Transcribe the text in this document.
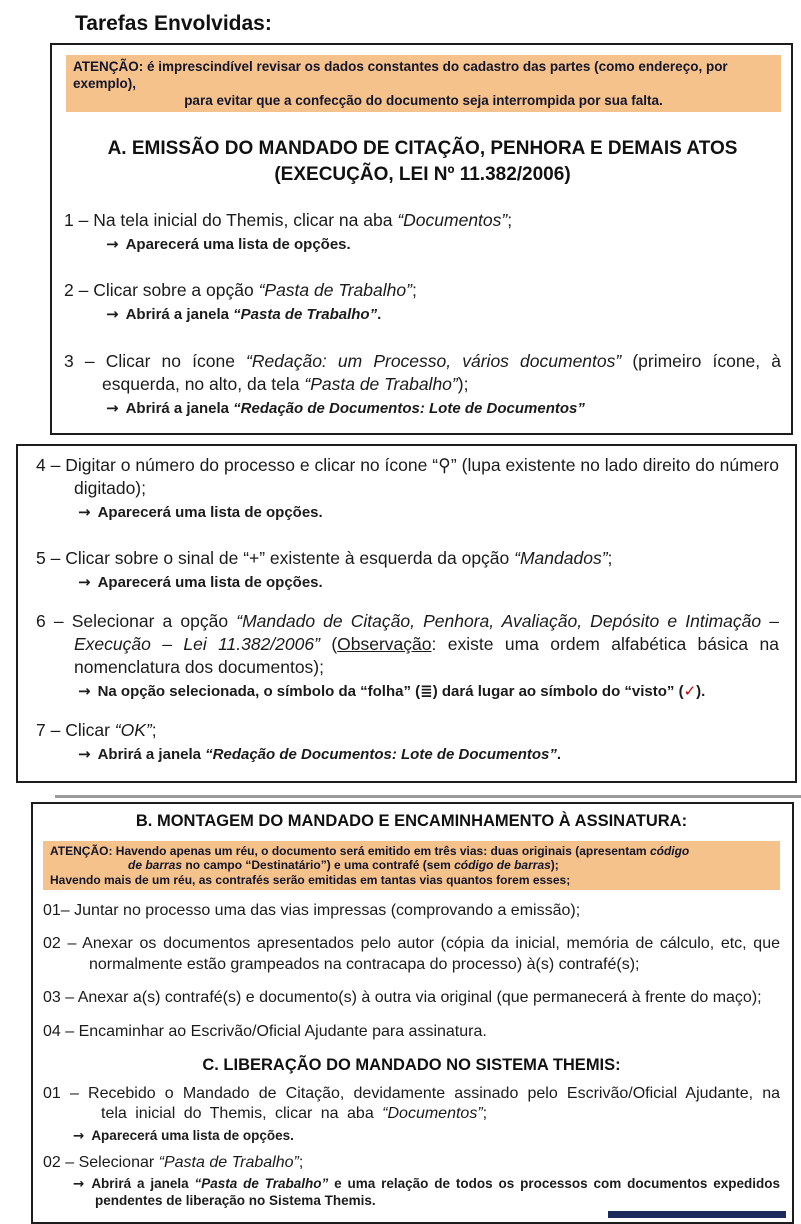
Tarefas Envolvidas:
ATENÇÃO: é imprescindível revisar os dados constantes do cadastro das partes (como endereço, por exemplo),
para evitar que a confecção do documento seja interrompida por sua falta.
A. EMISSÃO DO MANDADO DE CITAÇÃO, PENHORA E DEMAIS ATOS
(EXECUÇÃO, LEI Nº 11.382/2006)

1 – Na tela inicial do Themis, clicar na aba “Documentos”;

→ Aparecerá uma lista de opções.

2 – Clicar sobre a opção “Pasta de Trabalho”;

→ Abrirá a janela “Pasta de Trabalho”.

3 – Clicar no ícone “Redação: um Processo, vários documentos” (primeiro ícone, à esquerda, no alto, da tela “Pasta de Trabalho”);

→ Abrirá a janela “Redação de Documentos: Lote de Documentos”

4 – Digitar o número do processo e clicar no ícone “⚲” (lupa existente no lado direito do número digitado);

→ Aparecerá uma lista de opções.

5 – Clicar sobre o sinal de “+” existente à esquerda da opção “Mandados”;

→ Aparecerá uma lista de opções.

6 – Selecionar a opção “Mandado de Citação, Penhora, Avaliação, Depósito e Intimação – Execução – Lei 11.382/2006” (Observação: existe uma ordem alfabética básica na nomenclatura dos documentos);

→ Na opção selecionada, o símbolo da “folha” (≣) dará lugar ao símbolo do “visto” (✓).

7 – Clicar “OK”;

→ Abrirá a janela “Redação de Documentos: Lote de Documentos”.

B. MONTAGEM DO MANDADO E ENCAMINHAMENTO À ASSINATURA:
ATENÇÃO: Havendo apenas um réu, o documento será emitido em três vias: duas originais (apresentam código
de barras no campo “Destinatário”) e uma contrafé (sem código de barras);
Havendo mais de um réu, as contrafés serão emitidas em tantas vias quantos forem esses;

01– Juntar no processo uma das vias impressas (comprovando a emissão);

02 – Anexar os documentos apresentados pelo autor (cópia da inicial, memória de cálculo, etc, que normalmente estão grampeados na contracapa do processo) à(s) contrafé(s);

03 – Anexar a(s) contrafé(s) e documento(s) à outra via original (que permanecerá à frente do maço);

04 – Encaminhar ao Escrivão/Oficial Ajudante para assinatura.

C. LIBERAÇÃO DO MANDADO NO SISTEMA THEMIS:

01 – Recebido o Mandado de Citação, devidamente assinado pelo Escrivão/Oficial Ajudante, na tela inicial do Themis, clicar na aba “Documentos”;

→ Aparecerá uma lista de opções.

02 – Selecionar “Pasta de Trabalho”;

→ Abrirá a janela “Pasta de Trabalho” e uma relação de todos os processos com documentos expedidos pendentes de liberação no Sistema Themis.
